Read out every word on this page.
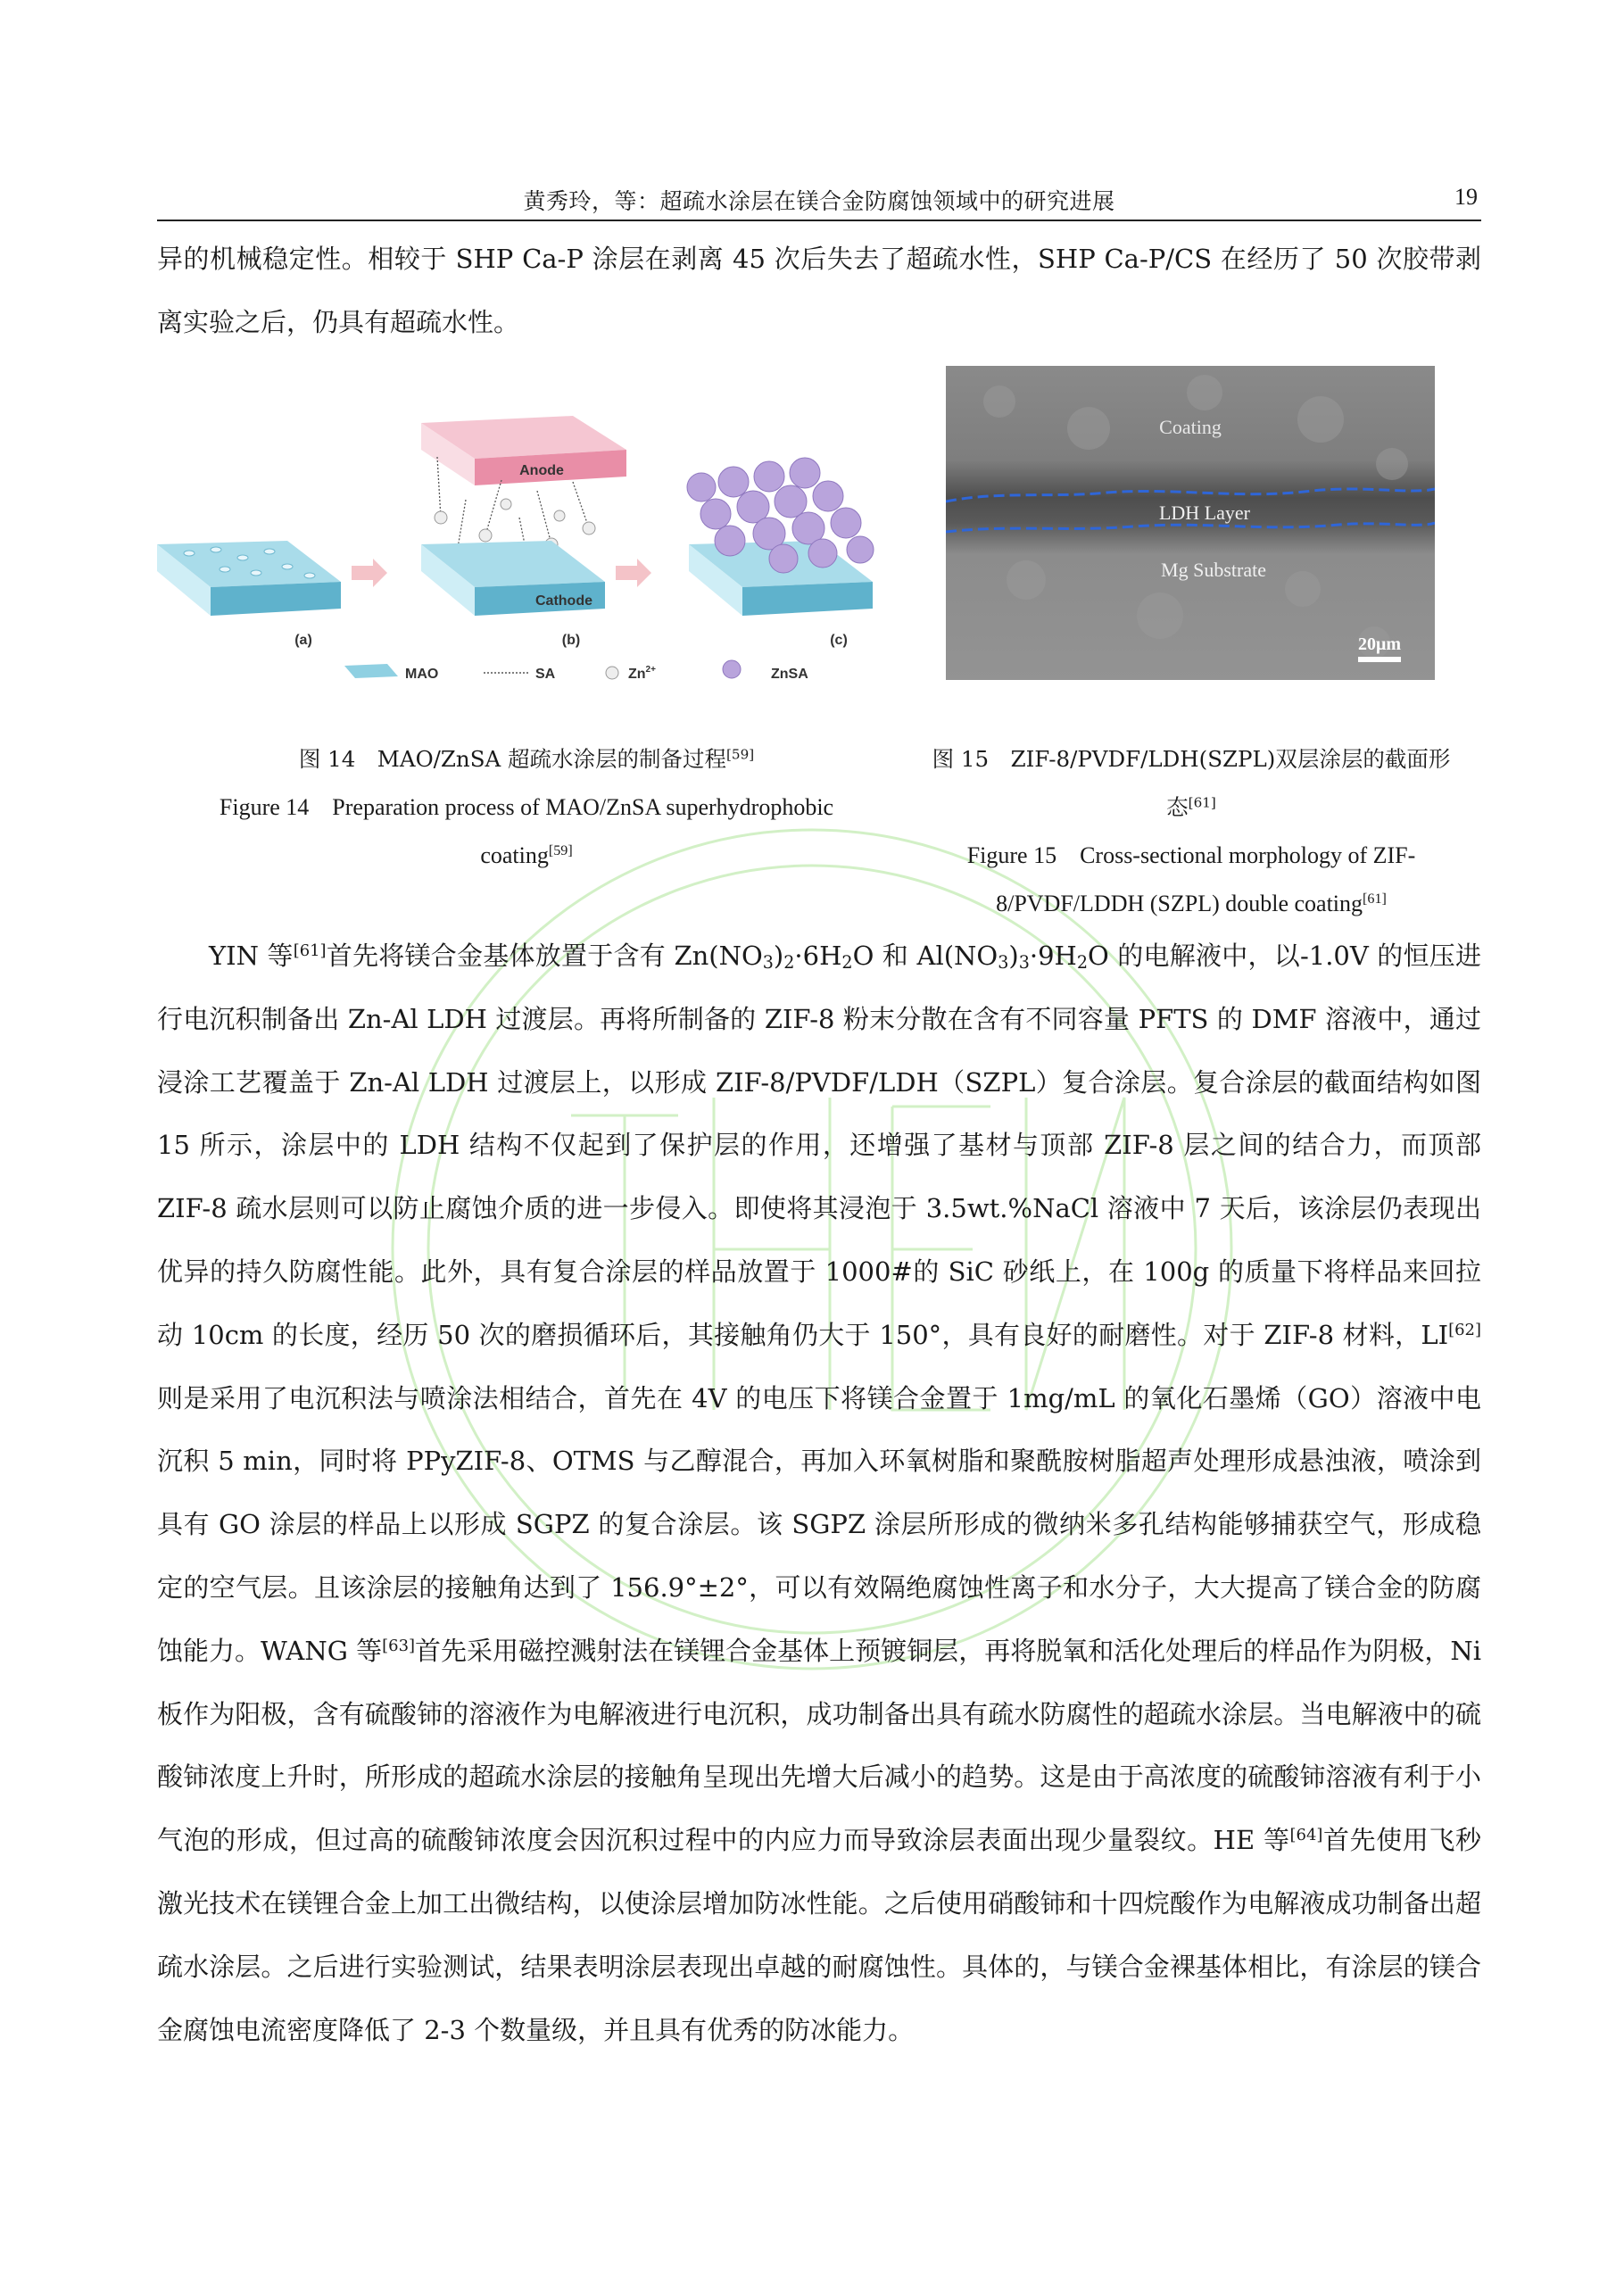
黄秀玲，等：超疏水涂层在镁合金防腐蚀领域中的研究进展	19

异的机械稳定性。相较于 SHP Ca-P 涂层在剥离 45 次后失去了超疏水性，SHP Ca-P/CS 在经历了 50 次胶带剥离实验之后，仍具有超疏水性。

Anode
Cathode
(a)	(b)	(c)
MAO	SA	$Zn^{2+}$	ZnSA
Coating
LDH Layer
Mg Substrate
20μm
图 14　MAO/ZnSA 超疏水涂层的制备过程[59]
Figure 14　Preparation process of MAO/ZnSA superhydrophobic coating[59]
图 15　ZIF-8/PVDF/LDH(SZPL)双层涂层的截面形态[61]
Figure 15　Cross-sectional morphology of ZIF-8/PVDF/LDDH (SZPL) double coating[61]

YIN 等[61]首先将镁合金基体放置于含有 $Zn(NO_3)_2\cdot 6H_2O$ 和 $Al(NO_3)_3\cdot 9H_2O$ 的电解液中，以-1.0V 的恒压进行电沉积制备出 Zn-Al LDH 过渡层。再将所制备的 ZIF-8 粉末分散在含有不同容量 PFTS 的 DMF 溶液中，通过浸涂工艺覆盖于 Zn-Al LDH 过渡层上，以形成 ZIF-8/PVDF/LDH（SZPL）复合涂层。复合涂层的截面结构如图 15 所示，涂层中的 LDH 结构不仅起到了保护层的作用，还增强了基材与顶部 ZIF-8 层之间的结合力，而顶部 ZIF-8 疏水层则可以防止腐蚀介质的进一步侵入。即使将其浸泡于 3.5wt.%NaCl 溶液中 7 天后，该涂层仍表现出优异的持久防腐性能。此外，具有复合涂层的样品放置于 1000#的 SiC 砂纸上，在 100g 的质量下将样品来回拉动 10cm 的长度，经历 50 次的磨损循环后，其接触角仍大于 150°，具有良好的耐磨性。对于 ZIF-8 材料，LI[62]则是采用了电沉积法与喷涂法相结合，首先在 4V 的电压下将镁合金置于 1mg/mL 的氧化石墨烯（GO）溶液中电沉积 5 min，同时将 PPyZIF-8、OTMS 与乙醇混合，再加入环氧树脂和聚酰胺树脂超声处理形成悬浊液，喷涂到具有 GO 涂层的样品上以形成 SGPZ 的复合涂层。该 SGPZ 涂层所形成的微纳米多孔结构能够捕获空气，形成稳定的空气层。且该涂层的接触角达到了 156.9°±2°，可以有效隔绝腐蚀性离子和水分子，大大提高了镁合金的防腐蚀能力。WANG 等[63]首先采用磁控溅射法在镁锂合金基体上预镀铜层，再将脱氧和活化处理后的样品作为阴极，Ni 板作为阳极，含有硫酸铈的溶液作为电解液进行电沉积，成功制备出具有疏水防腐性的超疏水涂层。当电解液中的硫酸铈浓度上升时，所形成的超疏水涂层的接触角呈现出先增大后减小的趋势。这是由于高浓度的硫酸铈溶液有利于小气泡的形成，但过高的硫酸铈浓度会因沉积过程中的内应力而导致涂层表面出现少量裂纹。HE 等[64]首先使用飞秒激光技术在镁锂合金上加工出微结构，以使涂层增加防冰性能。之后使用硝酸铈和十四烷酸作为电解液成功制备出超疏水涂层。之后进行实验测试，结果表明涂层表现出卓越的耐腐蚀性。具体的，与镁合金裸基体相比，有涂层的镁合金腐蚀电流密度降低了 2-3 个数量级，并且具有优秀的防冰能力。
